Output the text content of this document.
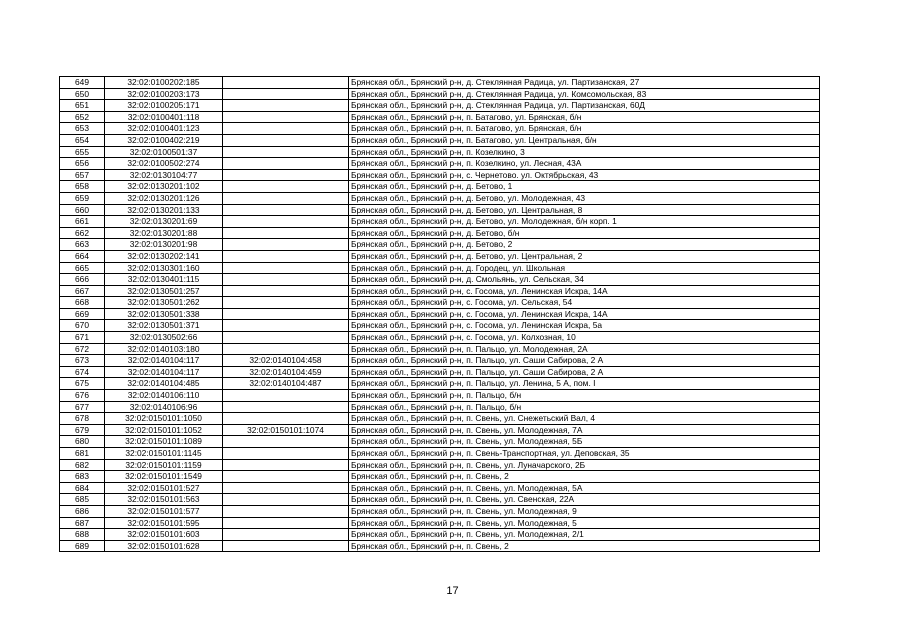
649	32:02:0100202:185		Брянская обл., Брянский р-н, д. Стеклянная Радица, ул. Партизанская, 27
650	32:02:0100203:173		Брянская обл., Брянский р-н, д. Стеклянная Радица, ул. Комсомольская, 83
651	32:02:0100205:171		Брянская обл., Брянский р-н, д. Стеклянная Радица, ул. Партизанская, 60Д
652	32:02:0100401:118		Брянская обл., Брянский р-н, п. Батагово, ул. Брянская, б/н
653	32:02:0100401:123		Брянская обл., Брянский р-н, п. Батагово, ул. Брянская, б/н
654	32:02:0100402:219		Брянская обл., Брянский р-н, п. Батагово, ул. Центральная, б/н
655	32:02:0100501:37		Брянская обл., Брянский р-н, п. Козелкино, 3
656	32:02:0100502:274		Брянская обл., Брянский р-н, п. Козелкино, ул. Лесная, 43А
657	32:02:0130104:77		Брянская обл., Брянский р-н, с. Чернетово. ул. Октябрьская, 43
658	32:02:0130201:102		Брянская обл., Брянский р-н, д. Бетово, 1
659	32:02:0130201:126		Брянская обл., Брянский р-н, д. Бетово, ул. Молодежная, 43
660	32:02:0130201:133		Брянская обл., Брянский р-н, д. Бетово, ул. Центральная, 8
661	32:02:0130201:69		Брянская обл., Брянский р-н, д. Бетово, ул. Молодежная, б/н корп. 1
662	32:02:0130201:88		Брянская обл., Брянский р-н, д. Бетово, б/н
663	32:02:0130201:98		Брянская обл., Брянский р-н, д. Бетово, 2
664	32:02:0130202:141		Брянская обл., Брянский р-н, д. Бетово, ул. Центральная, 2
665	32:02:0130301:160		Брянская обл., Брянский р-н, д. Городец, ул. Школьная
666	32:02:0130401:115		Брянская обл., Брянский р-н, д. Смольянь, ул. Сельская, 34
667	32:02:0130501:257		Брянская обл., Брянский р-н, с. Госома, ул. Ленинская Искра, 14А
668	32:02:0130501:262		Брянская обл., Брянский р-н, с. Госома, ул. Сельская, 54
669	32:02:0130501:338		Брянская обл., Брянский р-н, с. Госома, ул. Ленинская Искра, 14А
670	32:02:0130501:371		Брянская обл., Брянский р-н, с. Госома, ул. Ленинская Искра, 5а
671	32:02:0130502:66		Брянская обл., Брянский р-н, с. Госома, ул. Колхозная, 10
672	32:02:0140103:180		Брянская обл., Брянский р-н, п. Пальцо, ул. Молодежная, 2А
673	32:02:0140104:117	32:02:0140104:458	Брянская обл., Брянский р-н, п. Пальцо, ул. Саши Сабирова, 2 А
674	32:02:0140104:117	32:02:0140104:459	Брянская обл., Брянский р-н, п. Пальцо, ул. Саши Сабирова, 2 А
675	32:02:0140104:485	32:02:0140104:487	Брянская обл., Брянский р-н, п. Пальцо, ул. Ленина, 5 А, пом. I
676	32:02:0140106:110		Брянская обл., Брянский р-н, п. Пальцо, б/н
677	32:02:0140106:96		Брянская обл., Брянский р-н, п. Пальцо, б/н
678	32:02:0150101:1050		Брянская обл., Брянский р-н, п. Свень, ул. Снежетьский Вал, 4
679	32:02:0150101:1052	32:02:0150101:1074	Брянская обл., Брянский р-н, п. Свень, ул. Молодежная, 7А
680	32:02:0150101:1089		Брянская обл., Брянский р-н, п. Свень, ул. Молодежная, 5Б
681	32:02:0150101:1145		Брянская обл., Брянский р-н, п. Свень-Транспортная, ул. Деповская, 35
682	32:02:0150101:1159		Брянская обл., Брянский р-н, п. Свень, ул. Луначарского, 2Б
683	32:02:0150101:1549		Брянская обл., Брянский р-н, п. Свень, 2
684	32:02:0150101:527		Брянская обл., Брянский р-н, п. Свень, ул. Молодежная, 5А
685	32:02:0150101:563		Брянская обл., Брянский р-н, п. Свень, ул. Свенская, 22А
686	32:02:0150101:577		Брянская обл., Брянский р-н, п. Свень, ул. Молодежная, 9
687	32:02:0150101:595		Брянская обл., Брянский р-н, п. Свень, ул. Молодежная, 5
688	32:02:0150101:603		Брянская обл., Брянский р-н, п. Свень, ул. Молодежная, 2/1
689	32:02:0150101:628		Брянская обл., Брянский р-н, п. Свень, 2
17
